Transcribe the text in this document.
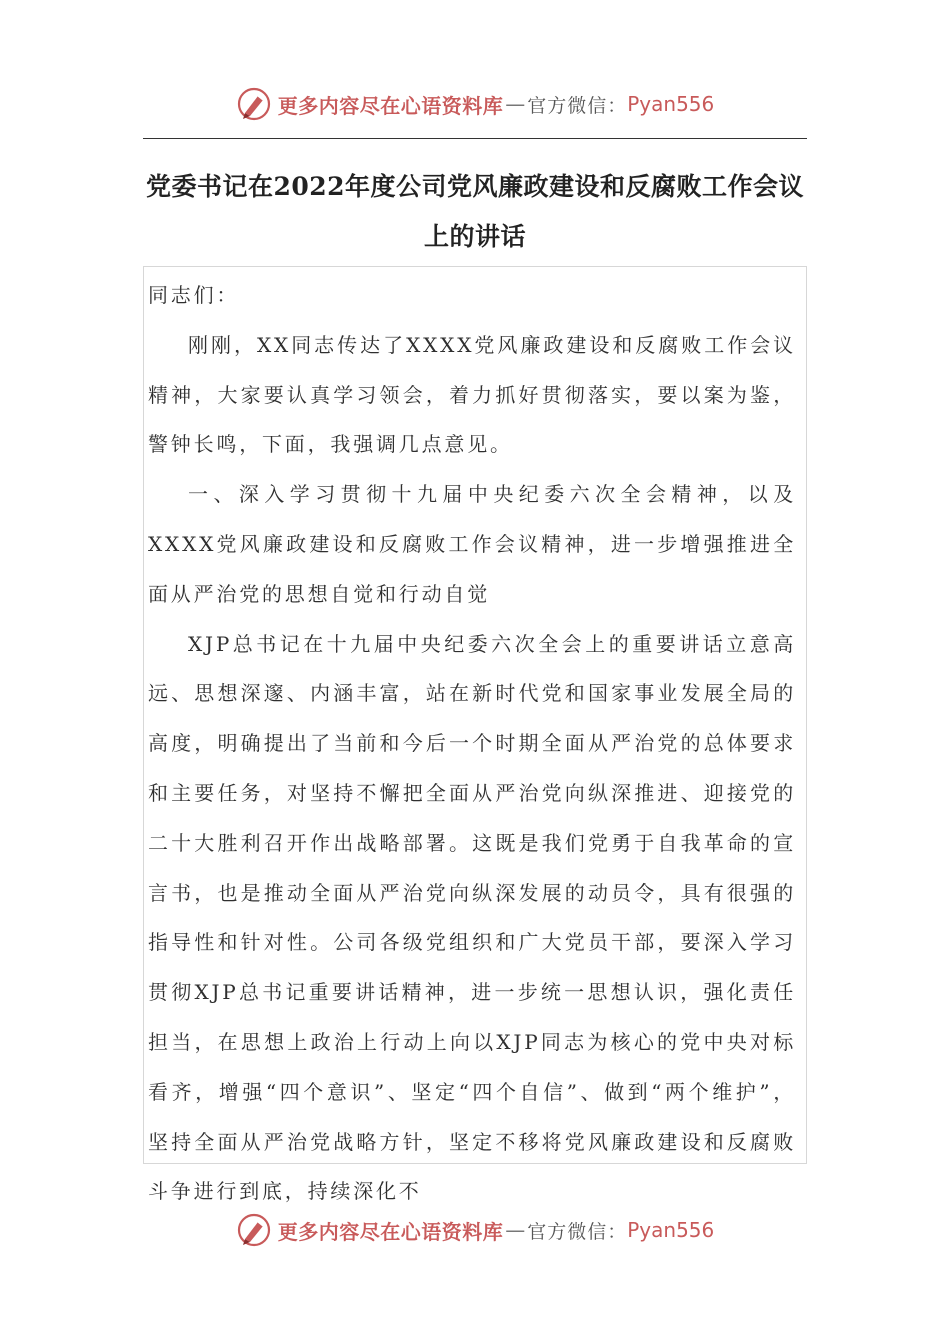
更多内容尽在心语资料库 — 官方微信： Pyan556
党委书记在2022年度公司党风廉政建设和反腐败工作会议上的讲话

同志们：

刚刚，XX同志传达了XXXX党风廉政建设和反腐败工作会议精神，大家要认真学习领会，着力抓好贯彻落实，要以案为鉴，警钟长鸣，下面，我强调几点意见。

一、深入学习贯彻十九届中央纪委六次全会精神，以及XXXX党风廉政建设和反腐败工作会议精神，进一步增强推进全面从严治党的思想自觉和行动自觉

XJP总书记在十九届中央纪委六次全会上的重要讲话立意高远、思想深邃、内涵丰富，站在新时代党和国家事业发展全局的高度，明确提出了当前和今后一个时期全面从严治党的总体要求和主要任务，对坚持不懈把全面从严治党向纵深推进、迎接党的二十大胜利召开作出战略部署。这既是我们党勇于自我革命的宣言书，也是推动全面从严治党向纵深发展的动员令，具有很强的指导性和针对性。公司各级党组织和广大党员干部，要深入学习贯彻XJP总书记重要讲话精神，进一步统一思想认识，强化责任担当，在思想上政治上行动上向以XJP同志为核心的党中央对标看齐，增强“四个意识”、坚定“四个自信”、做到“两个维护”，坚持全面从严治党战略方针，坚定不移将党风廉政建设和反腐败斗争进行到底，持续深化不

更多内容尽在心语资料库 — 官方微信： Pyan556
